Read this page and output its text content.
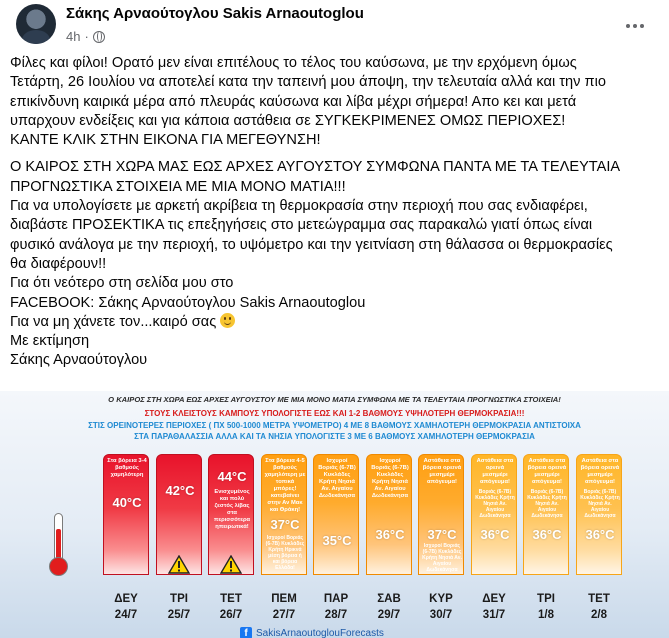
Σάκης Αρναούτογλου Sakis Arnaoutoglou
4h ·

Φίλες και φίλοι! Ορατό μεν είναι επιτέλους το τέλος του καύσωνα, με την ερχόμενη όμως

Τετάρτη, 26 Ιουλίου να αποτελεί κατα την ταπεινή μου άποψη, την τελευταία αλλά και την πιο

επικίνδυνη καιρικά μέρα από πλευράς καύσωνα και λίβα μέχρι σήμερα! Απο κει και μετά

υπαρχουν ενδείξεις και για κάποια αστάθεια σε ΣΥΓΚΕΚΡΙΜΕΝΕΣ ΟΜΩΣ ΠΕΡΙΟΧΕΣ!

ΚΑΝΤΕ ΚΛΙΚ ΣΤΗΝ ΕΙΚΟΝΑ ΓΙΑ ΜΕΓΕΘΥΝΣΗ!

Ο ΚΑΙΡΟΣ ΣΤΗ ΧΩΡΑ ΜΑΣ ΕΩΣ ΑΡΧΕΣ ΑΥΓΟΥΣΤΟΥ ΣΥΜΦΩΝΑ ΠΑΝΤΑ ΜΕ ΤΑ ΤΕΛΕΥΤΑΙΑ

ΠΡΟΓΝΩΣΤΙΚΑ ΣΤΟΙΧΕΙΑ ΜΕ ΜΙΑ ΜΟΝΟ ΜΑΤΙΑ!!!

Για να υπολογίσετε με αρκετή ακρίβεια τη θερμοκρασία στην περιοχή που σας ενδιαφέρει,

διαβάστε ΠΡΟΣΕΚΤΙΚΑ τις επεξηγήσεις στο μετεώγραμμα σας παρακαλώ γιατί όπως είναι

φυσικό ανάλογα με την περιοχή, το υψόμετρο και την γειτνίαση στη θάλασσα οι θερμοκρασίες

θα διαφέρουν!!

Για ότι νεότερο στη σελίδα μου στο

FACEBOOK: Σάκης Αρναούτογλου Sakis Arnaoutoglou

Για να μη χάνετε τον...καιρό σας

Με εκτίμηση

Σάκης Αρναούτογλου

Ο ΚΑΙΡΟΣ ΣΤΗ ΧΩΡΑ ΕΩΣ ΑΡΧΕΣ ΑΥΓΟΥΣΤΟΥ ΜΕ ΜΙΑ ΜΟΝΟ ΜΑΤΙΑ ΣΥΜΦΩΝΑ ΜΕ ΤΑ ΤΕΛΕΥΤΑΙΑ ΠΡΟΓΝΩΣΤΙΚΑ ΣΤΟΙΧΕΙΑ!
ΣΤΟΥΣ ΚΛΕΙΣΤΟΥΣ ΚΑΜΠΟΥΣ ΥΠΟΛΟΓΙΣΤΕ ΕΩΣ ΚΑΙ 1-2 ΒΑΘΜΟΥΣ ΥΨΗΛΟΤΕΡΗ ΘΕΡΜΟΚΡΑΣΙΑ!!!
ΣΤΙΣ ΟΡΕΙΝΟΤΕΡΕΣ ΠΕΡΙΟΧΕΣ ( ΠΧ 500-1000 ΜΕΤΡΑ ΥΨΟΜΕΤΡΟ) 4 ΜΕ 8 ΒΑΘΜΟΥΣ ΧΑΜΗΛΟΤΕΡΗ ΘΕΡΜΟΚΡΑΣΙΑ ΑΝΤΙΣΤΟΙΧΑ
ΣΤΑ ΠΑΡΑΘΑΛΑΣΣΙΑ ΑΛΛΑ ΚΑΙ ΤΑ ΝΗΣΙΑ ΥΠΟΛΟΓΙΣΤΕ 3 ΜΕ 6 ΒΑΘΜΟΥΣ ΧΑΜΗΛΟΤΕΡΗ ΘΕΡΜΟΚΡΑΣΙΑ
Στα βόρεια 3-4 βαθμούς χαμηλότερη
40°C
ΔΕΥ
24/7
42°C
ΤΡΙ
25/7
Ενισχυμένος και πολύ ζεστός λίβας στα περισσότερα ηπειρωτικά!
44°C
ΤΕΤ
26/7
Στα βόρεια 4-5 βαθμούς χαμηλότερη με τοπικά μπόρες! κατεβαίνει στην Αν Μακ και Θράκη!
37°C
Ισχυροί Βοριάς (6-7Β) Κυκλάδες Κρήτη Ηρικνά μέση βόρεια ή και βόρεια Ελλάδα!
ΠΕΜ
27/7
Ισχυροί Βοριάς (6-7Β) Κυκλάδες Κρήτη Νησιά Αν. Αιγαίου Δωδεκάνησα
35°C
ΠΑΡ
28/7
Ισχυροί Βοριάς (6-7Β) Κυκλάδες Κρήτη Νησιά Αν. Αιγαίου Δωδεκάνησα
36°C
ΣΑΒ
29/7
Αστάθεια στα βόρεια ορεινά μεσημέρι απόγευμα!
37°C
Ισχυροί Βοριάς (6-7Β) Κυκλάδες Κρήτη Νησιά Αν. Αιγαίου Δωδεκάνησα
ΚΥΡ
30/7
Αστάθεια στα ορεινά μεσημέρι απόγευμα!
36°C
Βοριάς (6-7Β) Κυκλάδες Κρήτη Νησιά Αν. Αιγαίου Δωδεκάνησα
ΔΕΥ
31/7
Αστάθεια στα βόρεια ορεινά μεσημέρι απόγευμα!
36°C
Βοριάς (6-7Β) Κυκλάδες Κρήτη Νησιά Αν. Αιγαίου Δωδεκάνησα
ΤΡΙ
1/8
Αστάθεια στα βόρεια ορεινά μεσημέρι απόγευμα!
36°C
Βοριάς (6-7Β) Κυκλάδες Κρήτη Νησιά Αν. Αιγαίου Δωδεκάνησα
ΤΕΤ
2/8
f SakisArnaoutoglouForecasts
